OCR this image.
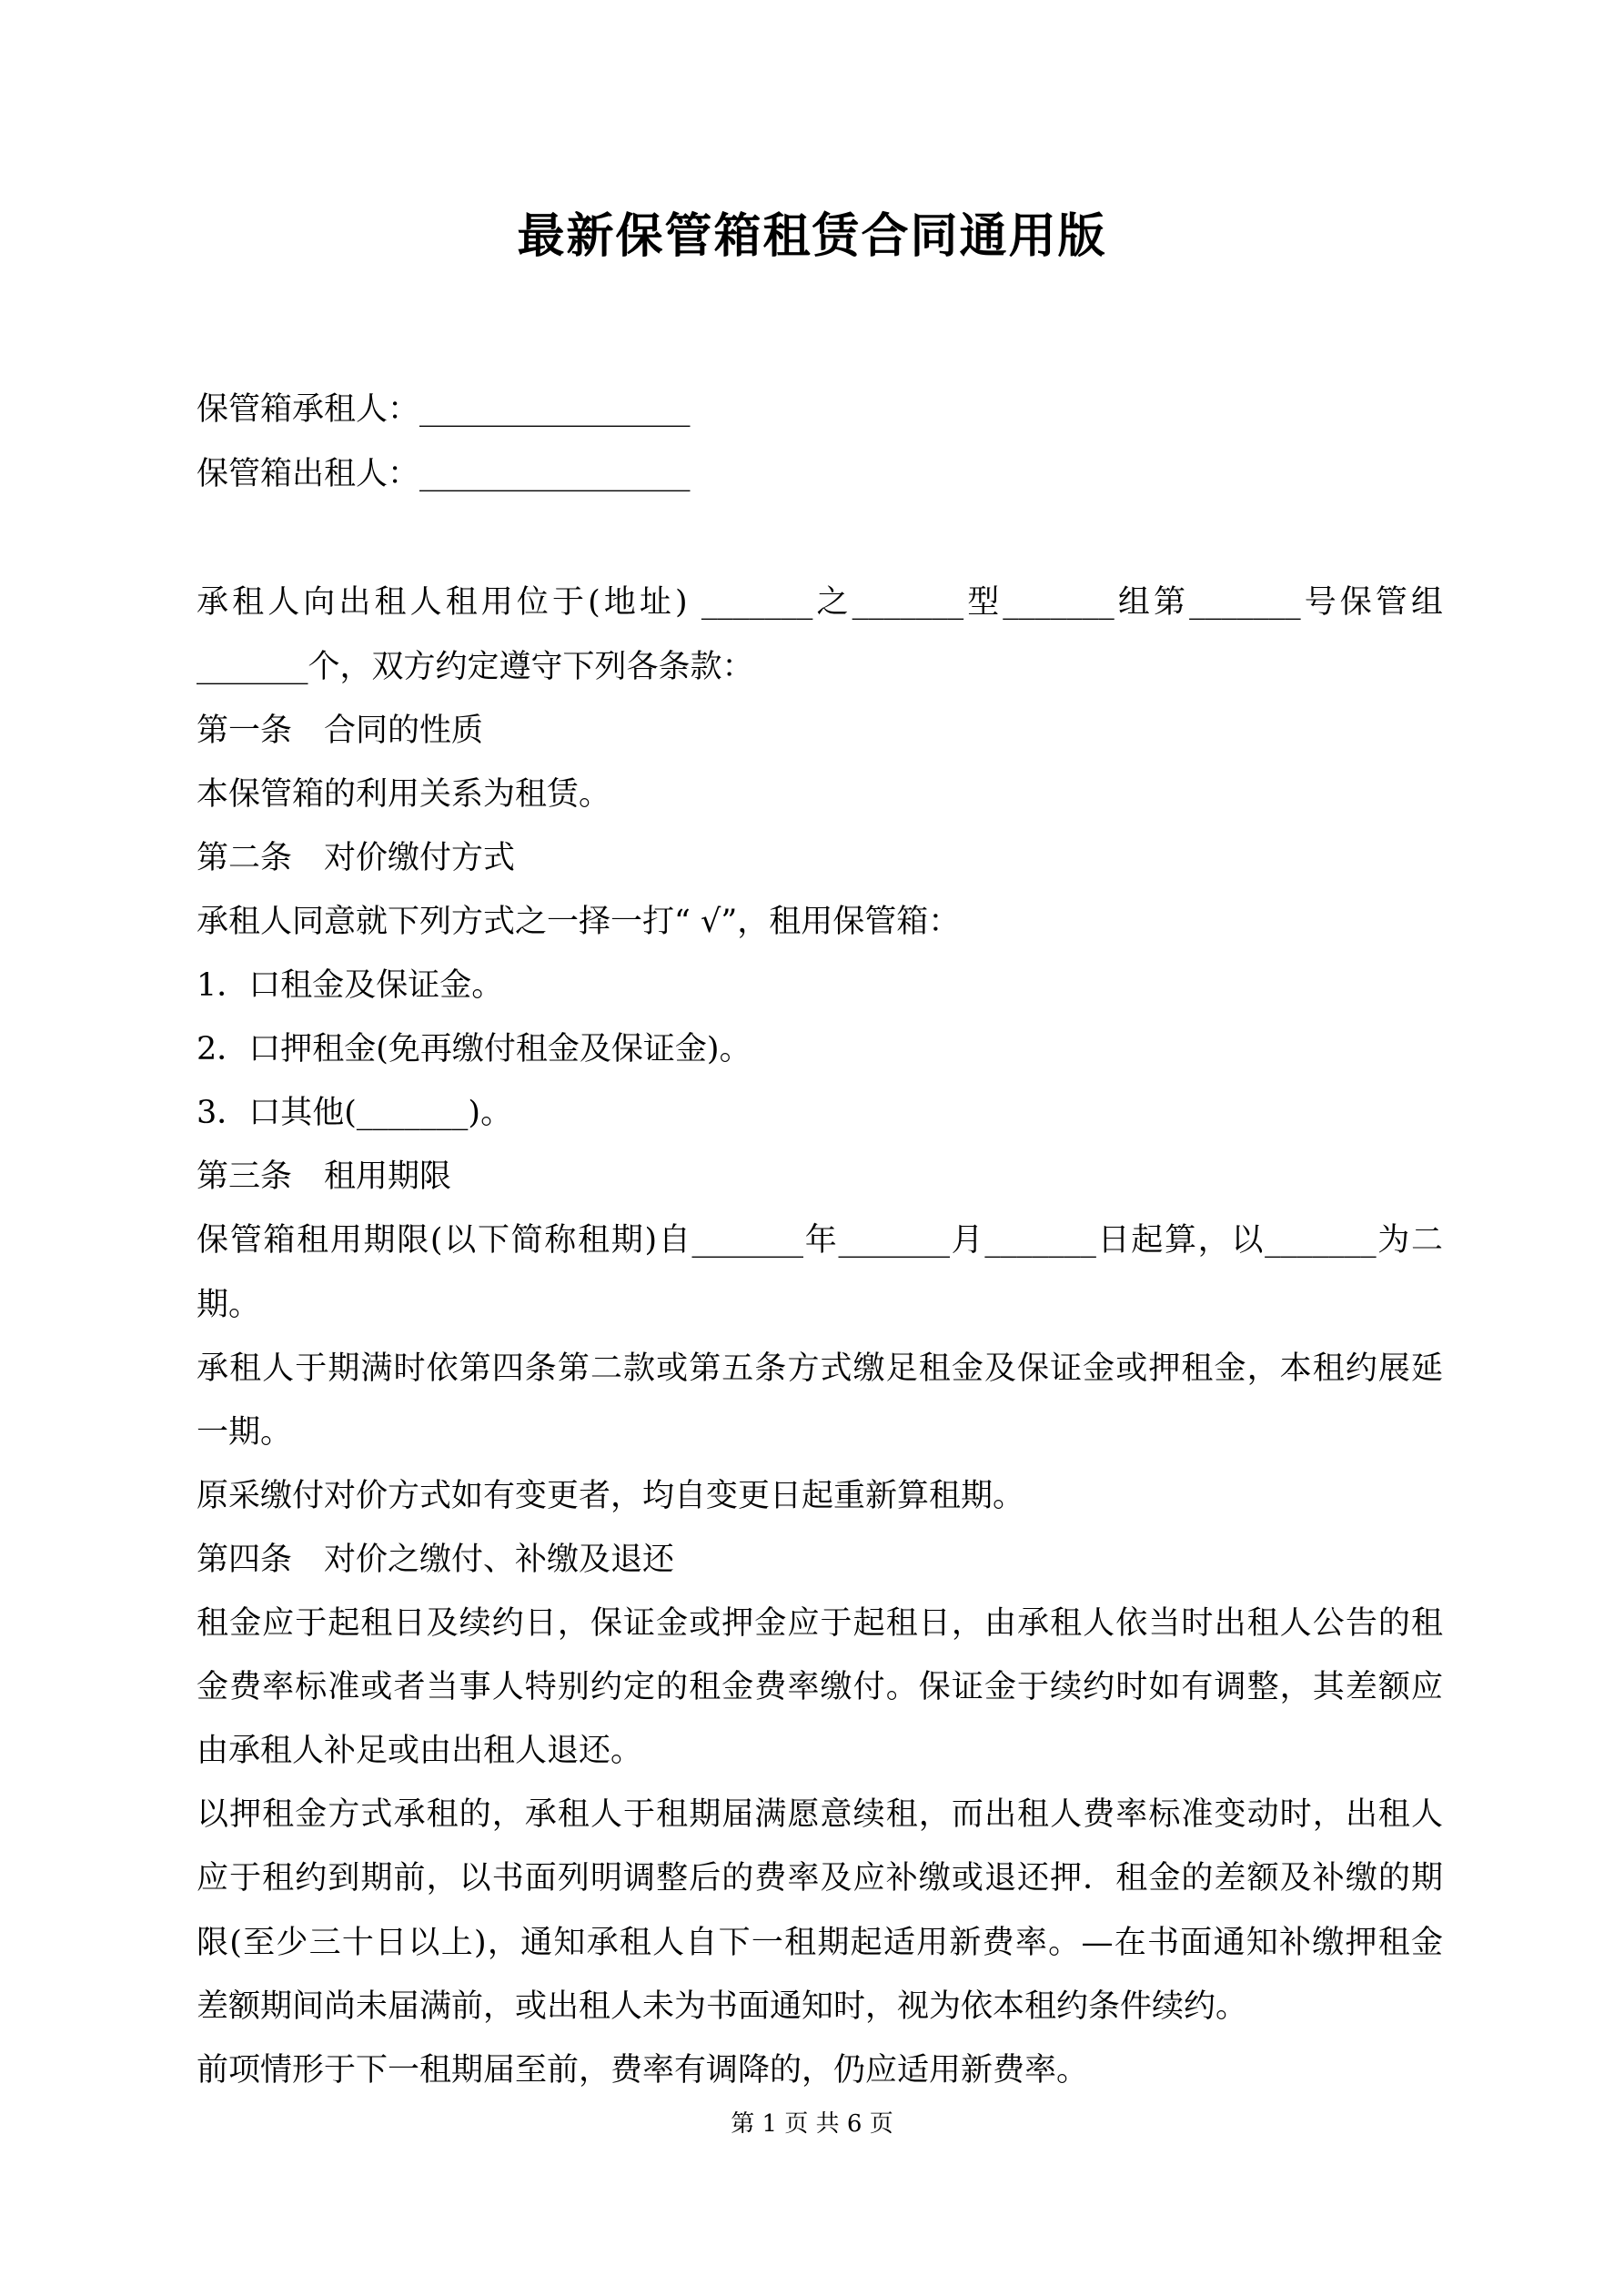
最新保管箱租赁合同通用版
保管箱承租人：_________________
保管箱出租人：_________________
承租人向出租人租用位于(地址) _______之_______型_______组第_______号保管组
_______个，双方约定遵守下列各条款：
第一条　合同的性质
本保管箱的利用关系为租赁。
第二条　对价缴付方式
承租人同意就下列方式之一择一打“ √”，租用保管箱：
1．口租金及保证金。
2．口押租金(免再缴付租金及保证金)。
3．口其他(_______)。
第三条　租用期限
保管箱租用期限(以下简称租期)自_______年_______月_______日起算，以_______为二
期。
承租人于期满时依第四条第二款或第五条方式缴足租金及保证金或押租金，本租约展延
一期。
原采缴付对价方式如有变更者，均自变更日起重新算租期。
第四条　对价之缴付、补缴及退还
租金应于起租日及续约日，保证金或押金应于起租日，由承租人依当时出租人公告的租
金费率标准或者当事人特别约定的租金费率缴付。保证金于续约时如有调整，其差额应
由承租人补足或由出租人退还。
以押租金方式承租的，承租人于租期届满愿意续租，而出租人费率标准变动时，出租人
应于租约到期前，以书面列明调整后的费率及应补缴或退还押．租金的差额及补缴的期
限(至少三十日以上)，通知承租人自下一租期起适用新费率。—在书面通知补缴押租金
差额期间尚未届满前，或出租人未为书面通知时，视为依本租约条件续约。
前项情形于下一租期届至前，费率有调降的，仍应适用新费率。
第 1 页 共 6 页
